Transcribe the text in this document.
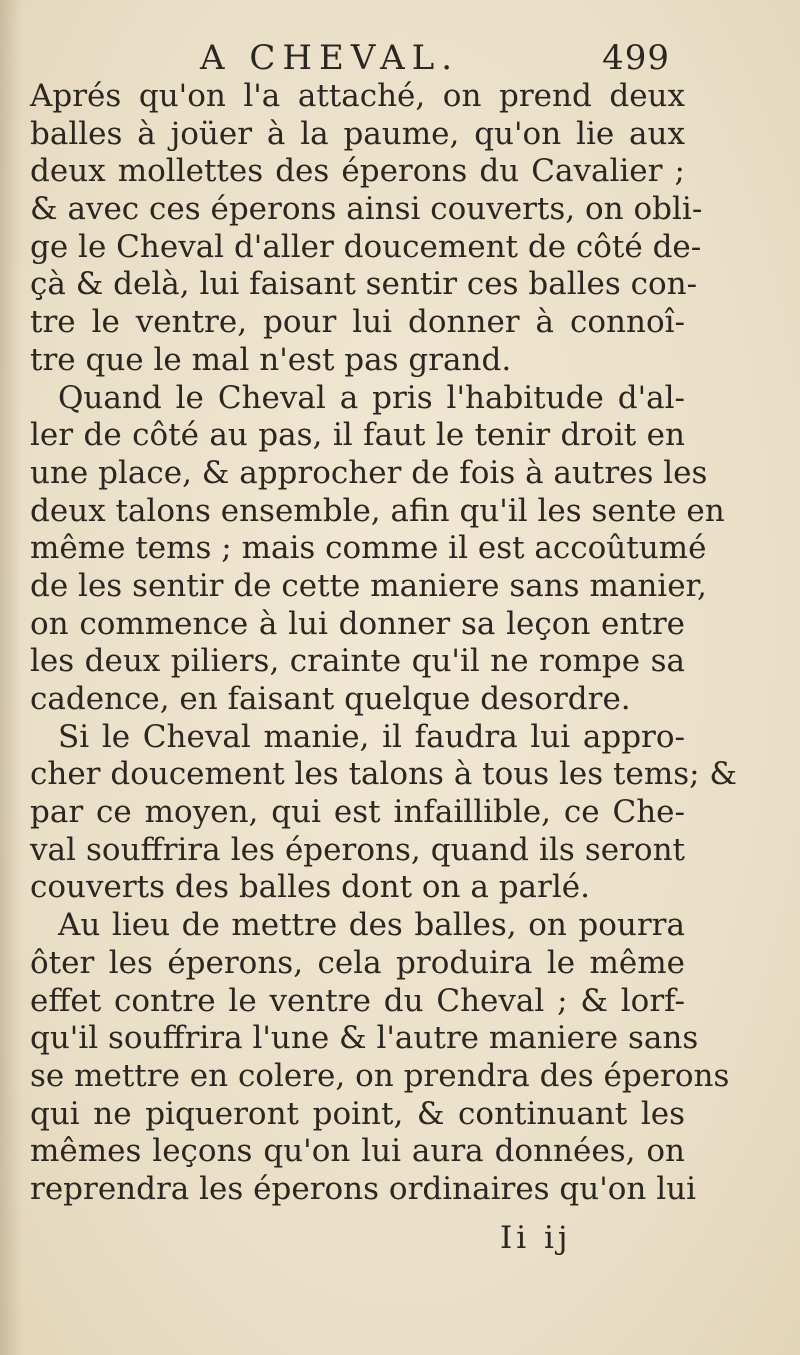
A CHEVAL.	499
Aprés qu'on l'a attaché, on prend deux
balles à joüer à la paume, qu'on lie aux
deux mollettes des éperons du Cavalier ;
& avec ces éperons ainsi couverts, on obli-
ge le Cheval d'aller doucement de côté de-
çà & delà, lui faisant sentir ces balles con-
tre le ventre, pour lui donner à connoî-
tre que le mal n'est pas grand.
Quand le Cheval a pris l'habitude d'al-
ler de côté au pas, il faut le tenir droit en
une place, & approcher de fois à autres les
deux talons ensemble, afin qu'il les sente en
même tems ; mais comme il est accoûtumé
de les sentir de cette maniere sans manier,
on commence à lui donner sa leçon entre
les deux piliers, crainte qu'il ne rompe sa
cadence, en faisant quelque desordre.
Si le Cheval manie, il faudra lui appro-
cher doucement les talons à tous les tems; &
par ce moyen, qui est infaillible, ce Che-
val souffrira les éperons, quand ils seront
couverts des balles dont on a parlé.
Au lieu de mettre des balles, on pourra
ôter les éperons, cela produira le même
effet contre le ventre du Cheval ; & lorf-
qu'il souffrira l'une & l'autre maniere sans
se mettre en colere, on prendra des éperons
qui ne piqueront point, & continuant les
mêmes leçons qu'on lui aura données, on
reprendra les éperons ordinaires qu'on lui
Ii ij
